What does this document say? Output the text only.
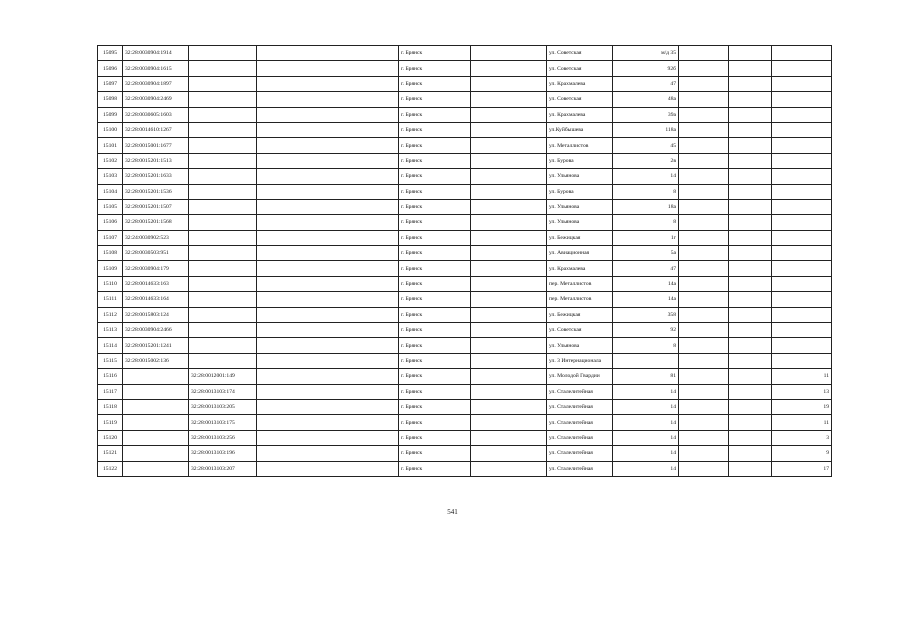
15095	32:28:0030904:1914			г. Брянск		ул. Советская	м/д 35			
15096	32:28:0030904:1615			г. Брянск		ул. Советская	92б			
15097	32:28:0030904:1897			г. Брянск		ул. Крахмалева	47			
15098	32:28:0030904:2469			г. Брянск		ул. Советская	48а			
15099	32:28:0030605:1603			г. Брянск		ул. Крахмалева	39а			
15100	32:28:0014610:1267			г. Брянск		ул.Куйбышева	118а			
15101	32:28:0015001:1677			г. Брянск		ул. Металлистов	45			
15102	32:28:0015201:1513			г. Брянск		ул. Бурова	2в			
15103	32:28:0015201:1633			г. Брянск		ул. Ульянова	14			
15104	32:28:0015201:1536			г. Брянск		ул. Бурова	8			
15105	32:28:0015201:1507			г. Брянск		ул. Ульянова	18а			
15106	32:28:0015201:1568			г. Брянск		ул. Ульянова	8			
15107	32:24:0030902:523			г. Брянск		ул. Бежицкая	1г			
15108	32:28:0030503:951			г. Брянск		ул. Авиационная	5а			
15109	32:28:0030904:179			г. Брянск		ул. Крахмалева	47			
15110	32:28:0014633:163			г. Брянск		пер. Металлистов	14а			
15111	32:28:0014633:164			г. Брянск		пер. Металлистов	14а			
15112	32:28:0015803:124			г. Брянск		ул. Бежицкая	358			
15113	32:28:0030904:2466			г. Брянск		ул. Советская	92			
15114	32:28:0015201:1241			г. Брянск		ул. Ульянова	8			
15115	32:28:0015002:136			г. Брянск		ул. 3 Интернационала				
15116		32:28:0012001:149		г. Брянск		ул. Молодой Гвардии	81			11
15117		32:28:0013103:174		г. Брянск		ул. Сталелитейная	14			13
15118		32:28:0013103:205		г. Брянск		ул. Сталелитейная	14			19
15119		32:28:0013103:175		г. Брянск		ул. Сталелитейная	14			11
15120		32:28:0013103:256		г. Брянск		ул. Сталелитейная	14			3
15121		32:28:0013103:196		г. Брянск		ул. Сталелитейная	14			9
15122		32:28:0013103:207		г. Брянск		ул. Сталелитейная	14			17
541
